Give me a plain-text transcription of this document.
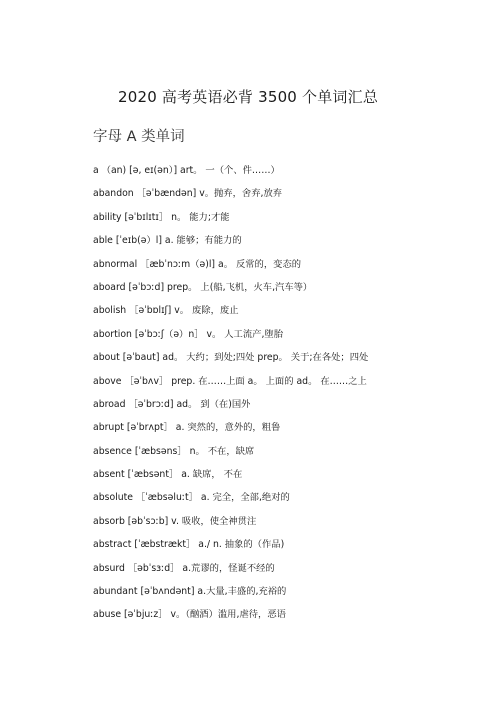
2020 高考英语必背 3500 个单词汇总
字母 A 类单词
a （an) [ə, eɪ(ən）] art。 一（个、件……）
abandon ［əˈbændən] v。抛弃，舍弃,放弃
ability [əˈbɪlɪtɪ］ n。 能力;才能
able [ˈeɪb(ə）l] a. 能够；有能力的
abnormal ［æbˈnɔːm（ə)l] a。 反常的，变态的
aboard [əˈbɔːd] prep。 上(船,飞机，火车,汽车等）
abolish ［əˈbɒlɪʃ] v。 废除，废止
abortion [əˈbɔːʃ（ə）n］ v。 人工流产,堕胎
about [əˈbaut] ad。 大约；到处;四处 prep。 关于;在各处；四处
above ［əˈbʌv］ prep. 在……上面 a。 上面的 ad。 在……之上
abroad ［əˈbrɔːd] ad。 到（在)国外
abrupt [əˈbrʌpt］ a. 突然的，意外的，粗鲁
absence [ˈæbsəns］ n。 不在，缺席
absent [ˈæbsənt］ a. 缺席， 不在
absolute ［ˈæbsəluːt］ a. 完全，全部,绝对的
absorb [əbˈsɔːb] v. 吸收，使全神贯注
abstract [ˈæbstrækt］ a./ n. 抽象的（作品)
absurd ［əbˈsɜːd］ a.荒谬的，怪诞不经的
abundant [əˈbʌndənt] a.大量,丰盛的,充裕的
abuse [əˈbjuːz］ v。（酗酒）滥用,虐待，恶语
